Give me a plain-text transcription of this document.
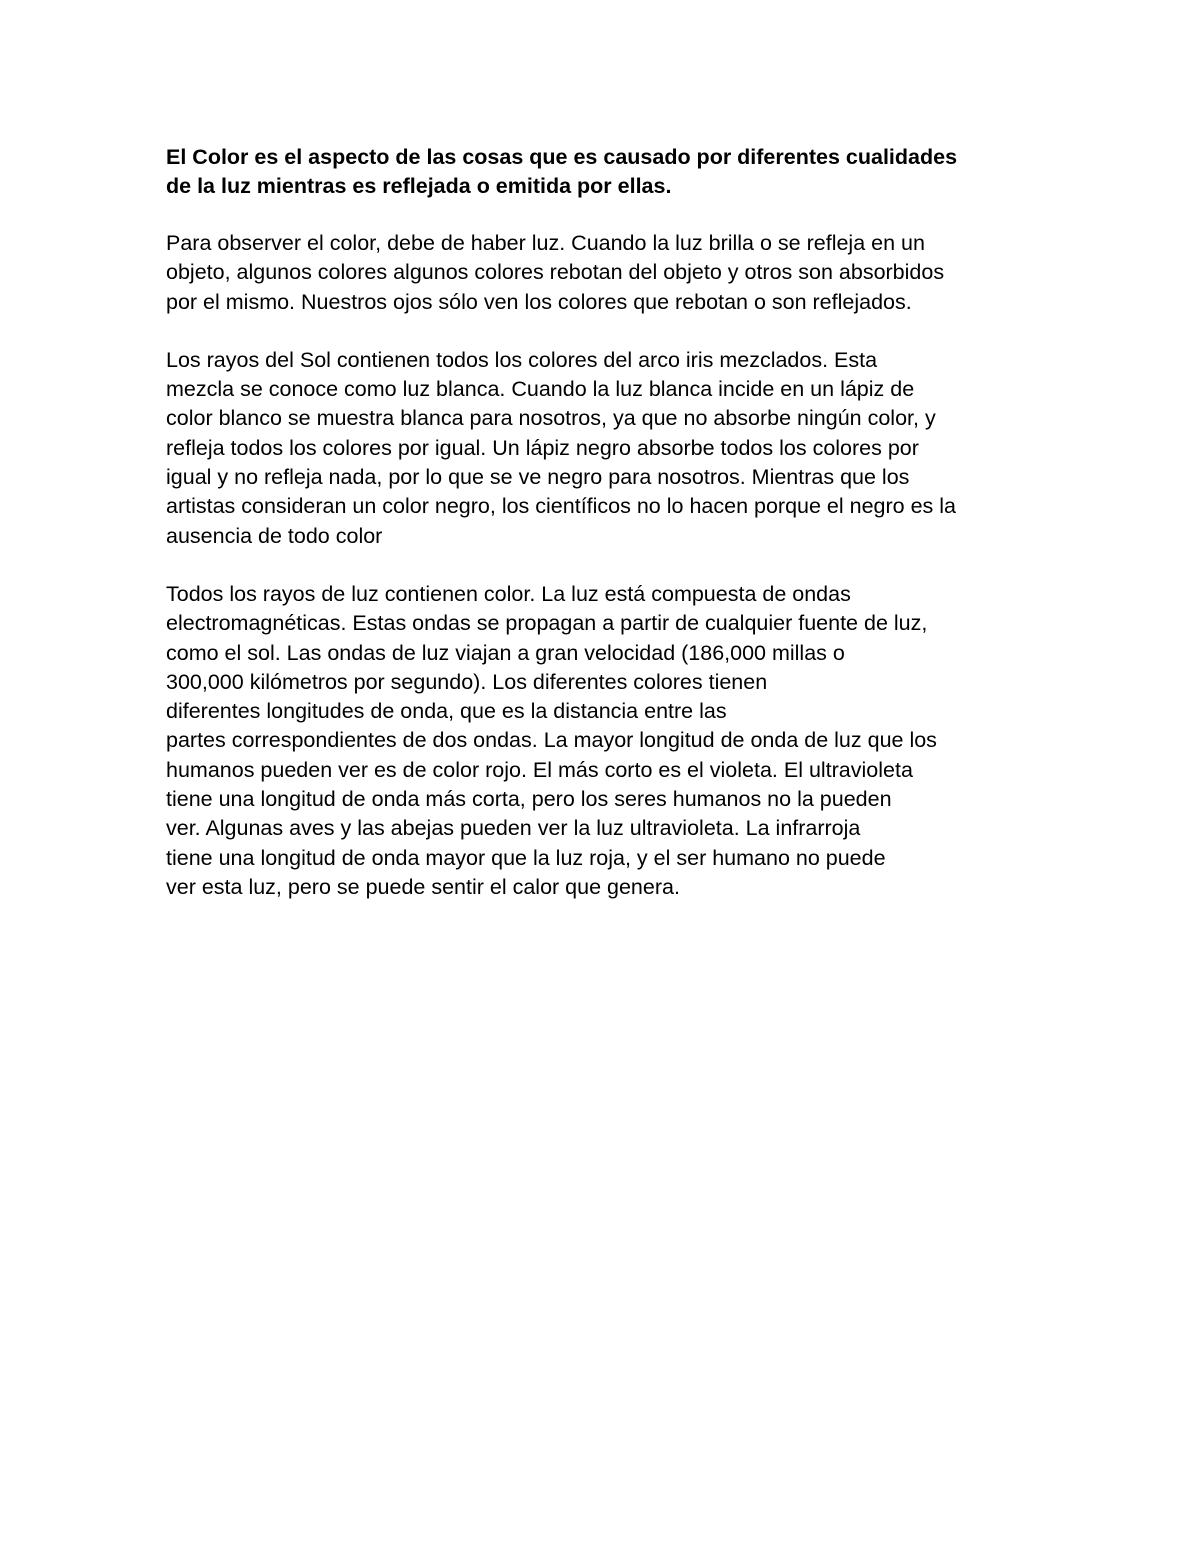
El Color es el aspecto de las cosas que es causado por diferentes cualidades
de la luz mientras es reflejada o emitida por ellas.

Para observer el color, debe de haber luz. Cuando la luz brilla o se refleja en un
objeto, algunos colores algunos colores rebotan del objeto y otros son absorbidos
por el mismo. Nuestros ojos sólo ven los colores que rebotan o son reflejados.

Los rayos del Sol contienen todos los colores del arco iris mezclados. Esta
mezcla se conoce como luz blanca. Cuando la luz blanca incide en un lápiz de
color blanco se muestra blanca para nosotros, ya que no absorbe ningún color, y
refleja todos los colores por igual. Un lápiz negro absorbe todos los colores por
igual y no refleja nada, por lo que se ve negro para nosotros. Mientras que los
artistas consideran un color negro, los científicos no lo hacen porque el negro es la
ausencia de todo color

Todos los rayos de luz contienen color. La luz está compuesta de ondas
electromagnéticas. Estas ondas se propagan a partir de cualquier fuente de luz,
como el sol. Las ondas de luz viajan a gran velocidad (186,000 millas o
300,000 kilómetros por segundo). Los diferentes colores tienen
diferentes longitudes de onda, que es la distancia entre las
partes correspondientes de dos ondas. La mayor longitud de onda de luz que los
humanos pueden ver es de color rojo. El más corto es el violeta. El ultravioleta
tiene una longitud de onda más corta, pero los seres humanos no la pueden
ver. Algunas aves y las abejas pueden ver la luz ultravioleta. La infrarroja
tiene una longitud de onda mayor que la luz roja, y el ser humano no puede
ver esta luz, pero se puede sentir el calor que genera.
